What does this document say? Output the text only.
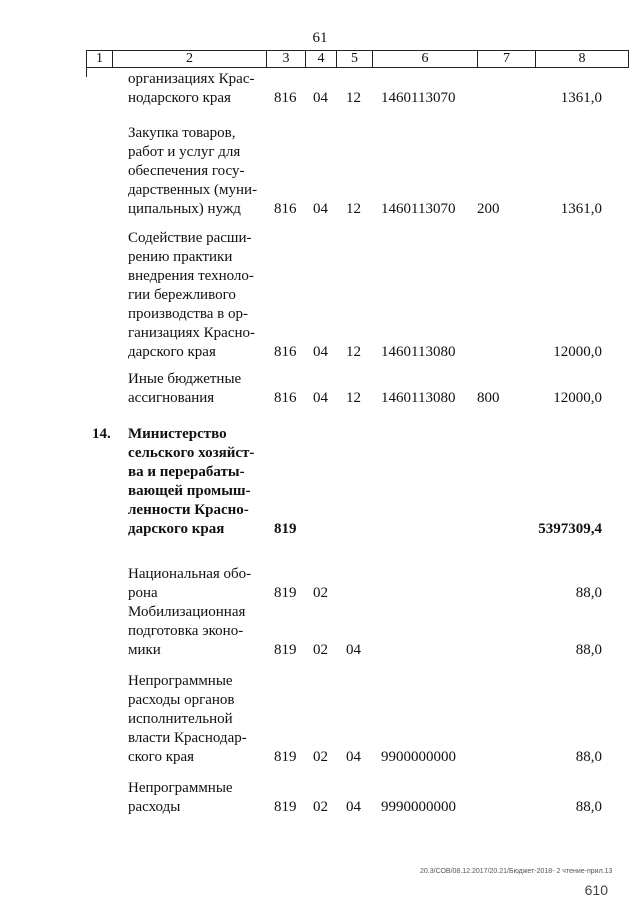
61
1	2	3	4	5	6	7	8
организациях Крас-
нодарского края	816 04 12 1460113070	1361,0
Закупка товаров,
работ и услуг для
обеспечения госу-
дарственных (муни-
ципальных) нужд	816 04 12 1460113070 200	1361,0
Содействие расши-
рению практики
внедрения техноло-
гии бережливого
производства в ор-
ганизациях Красно-
дарского края	816 04 12 1460113080	12000,0
Иные бюджетные
ассигнования	816 04 12 1460113080 800	12000,0
14.	Министерство
сельского хозяйст-
ва и перерабаты-
вающей промыш-
ленности Красно-
дарского края	819	5397309,4
Национальная обо-
рона	819 02	88,0
Мобилизационная
подготовка эконо-
мики	819 02 04	88,0
Непрограммные
расходы органов
исполнительной
власти Краснодар-
ского края	819 02 04 9900000000	88,0
Непрограммные
расходы	819 02 04 9990000000	88,0
20.3/СОВ/08.12.2017/20.21/Бюджет-2018- 2 чтение-прил.13
610
